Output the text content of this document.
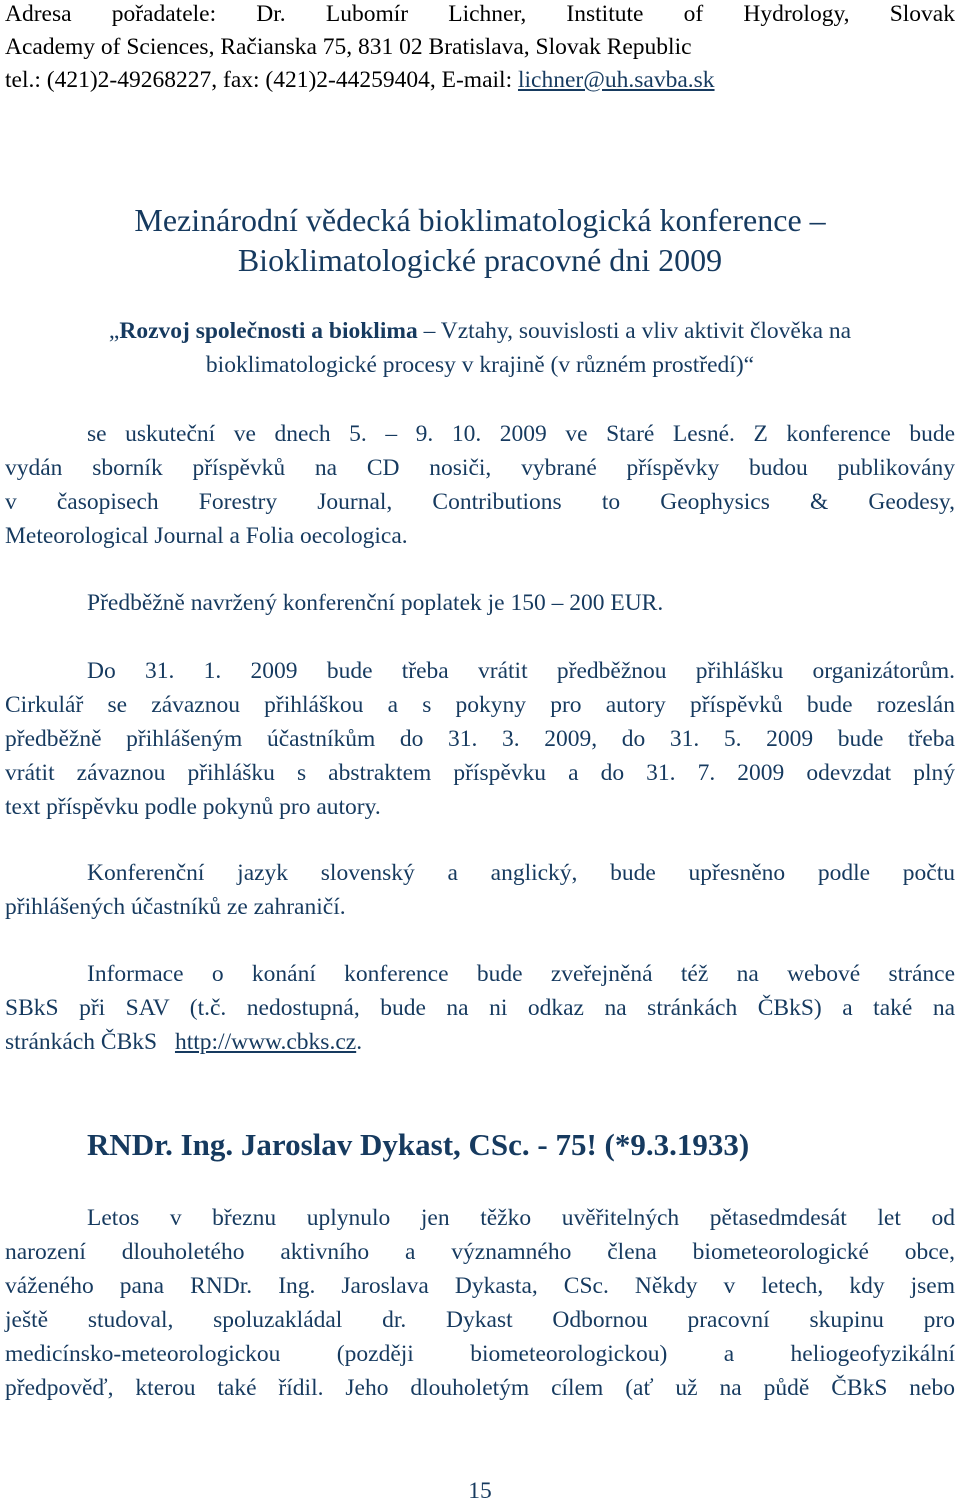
Adresa pořadatele: Dr. Lubomír Lichner, Institute of Hydrology, Slovak
Academy of Sciences, Račianska 75, 831 02 Bratislava, Slovak Republic
tel.: (421)2-49268227, fax: (421)2-44259404, E-mail: lichner@uh.savba.sk
Mezinárodní vědecká bioklimatologická konference –
Bioklimatologické pracovné dni 2009
„Rozvoj společnosti a bioklima – Vztahy, souvislosti a vliv aktivit člověka na
bioklimatologické procesy v krajině (v různém prostředí)“
se uskuteční ve dnech 5. – 9. 10. 2009 ve Staré Lesné. Z konference bude
vydán sborník příspěvků na CD nosiči, vybrané příspěvky budou publikovány
v časopisech Forestry Journal, Contributions to Geophysics & Geodesy,
Meteorological Journal a Folia oecologica.
Předběžně navržený konferenční poplatek je 150 – 200 EUR.
Do 31. 1. 2009 bude třeba vrátit předběžnou přihlášku organizátorům.
Cirkulář se závaznou přihláškou a s pokyny pro autory příspěvků bude rozeslán
předběžně přihlášeným účastníkům do 31. 3. 2009, do 31. 5. 2009 bude třeba
vrátit závaznou přihlášku s abstraktem příspěvku a do 31. 7. 2009 odevzdat plný
text příspěvku podle pokynů pro autory.
Konferenční jazyk slovenský a anglický, bude upřesněno podle počtu
přihlášených účastníků ze zahraničí.
Informace o konání konference bude zveřejněná též na webové stránce
SBkS při SAV (t.č. nedostupná, bude na ni odkaz na stránkách ČBkS) a také na
stránkách ČBkS http://www.cbks.cz.
RNDr. Ing. Jaroslav Dykast, CSc. - 75! (*9.3.1933)
Letos v březnu uplynulo jen těžko uvěřitelných pětasedmdesát let od
narození dlouholetého aktivního a významného člena biometeorologické obce,
váženého pana RNDr. Ing. Jaroslava Dykasta, CSc. Někdy v letech, kdy jsem
ještě studoval, spoluzakládal dr. Dykast Odbornou pracovní skupinu pro
medicínsko-meteorologickou (později biometeorologickou) a heliogeofyzikální
předpověď, kterou také řídil. Jeho dlouholetým cílem (ať už na půdě ČBkS nebo
15
